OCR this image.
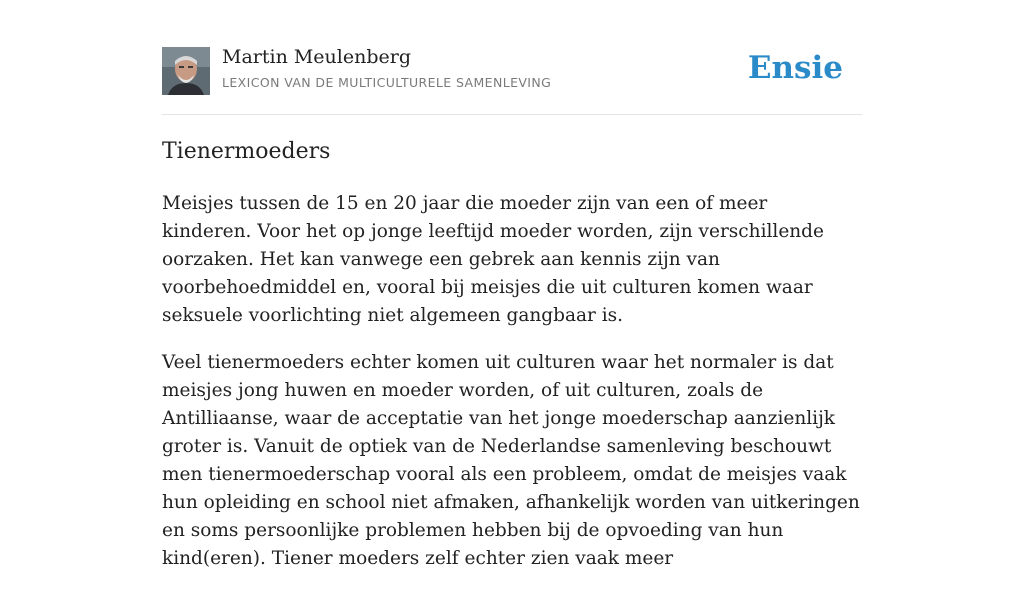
Martin Meulenberg
LEXICON VAN DE MULTICULTURELE SAMENLEVING	Ensie
Tienermoeders

Meisjes tussen de 15 en 20 jaar die moeder zijn van een of meer kinderen. Voor het op jonge leeftijd moeder worden, zijn verschillende oorzaken. Het kan vanwege een gebrek aan kennis zijn van voorbehoedmiddel en, vooral bij meisjes die uit culturen komen waar seksuele voorlichting niet algemeen gangbaar is.

Veel tienermoeders echter komen uit culturen waar het normaler is dat meisjes jong huwen en moeder worden, of uit culturen, zoals de Antilliaanse, waar de acceptatie van het jonge moederschap aanzienlijk groter is. Vanuit de optiek van de Nederlandse samenleving beschouwt men tienermoederschap vooral als een probleem, omdat de meisjes vaak hun opleiding en school niet afmaken, afhankelijk worden van uitkeringen en soms persoonlijke problemen hebben bij de opvoeding van hun kind(eren). Tiener moeders zelf echter zien vaak meer
